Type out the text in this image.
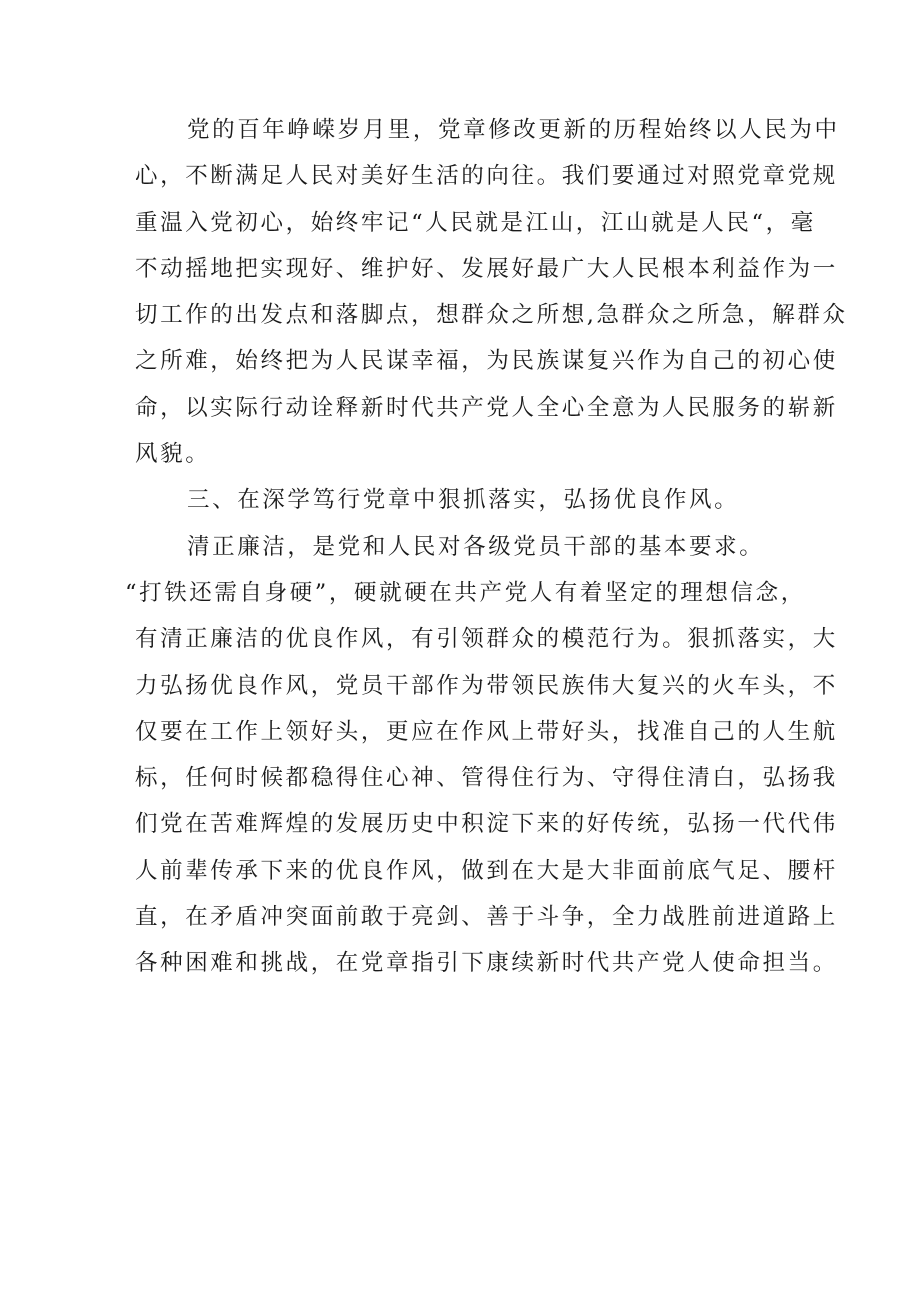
党的百年峥嵘岁月里，党章修改更新的历程始终以人民为中
心，不断满足人民对美好生活的向往。我们要通过对照党章党规
重温入党初心，始终牢记“人民就是江山，江山就是人民“，毫
不动摇地把实现好、维护好、发展好最广大人民根本利益作为一
切工作的出发点和落脚点，想群众之所想,急群众之所急，解群众
之所难，始终把为人民谋幸福，为民族谋复兴作为自己的初心使
命，以实际行动诠释新时代共产党人全心全意为人民服务的崭新
风貌。
三、在深学笃行党章中狠抓落实，弘扬优良作风。
清正廉洁，是党和人民对各级党员干部的基本要求。
“打铁还需自身硬”，硬就硬在共产党人有着坚定的理想信念，
有清正廉洁的优良作风，有引领群众的模范行为。狠抓落实，大
力弘扬优良作风，党员干部作为带领民族伟大复兴的火车头，不
仅要在工作上领好头，更应在作风上带好头，找准自己的人生航
标，任何时候都稳得住心神、管得住行为、守得住清白，弘扬我
们党在苦难辉煌的发展历史中积淀下来的好传统，弘扬一代代伟
人前辈传承下来的优良作风，做到在大是大非面前底气足、腰杆
直，在矛盾冲突面前敢于亮剑、善于斗争，全力战胜前进道路上
各种困难和挑战，在党章指引下康续新时代共产党人使命担当。
